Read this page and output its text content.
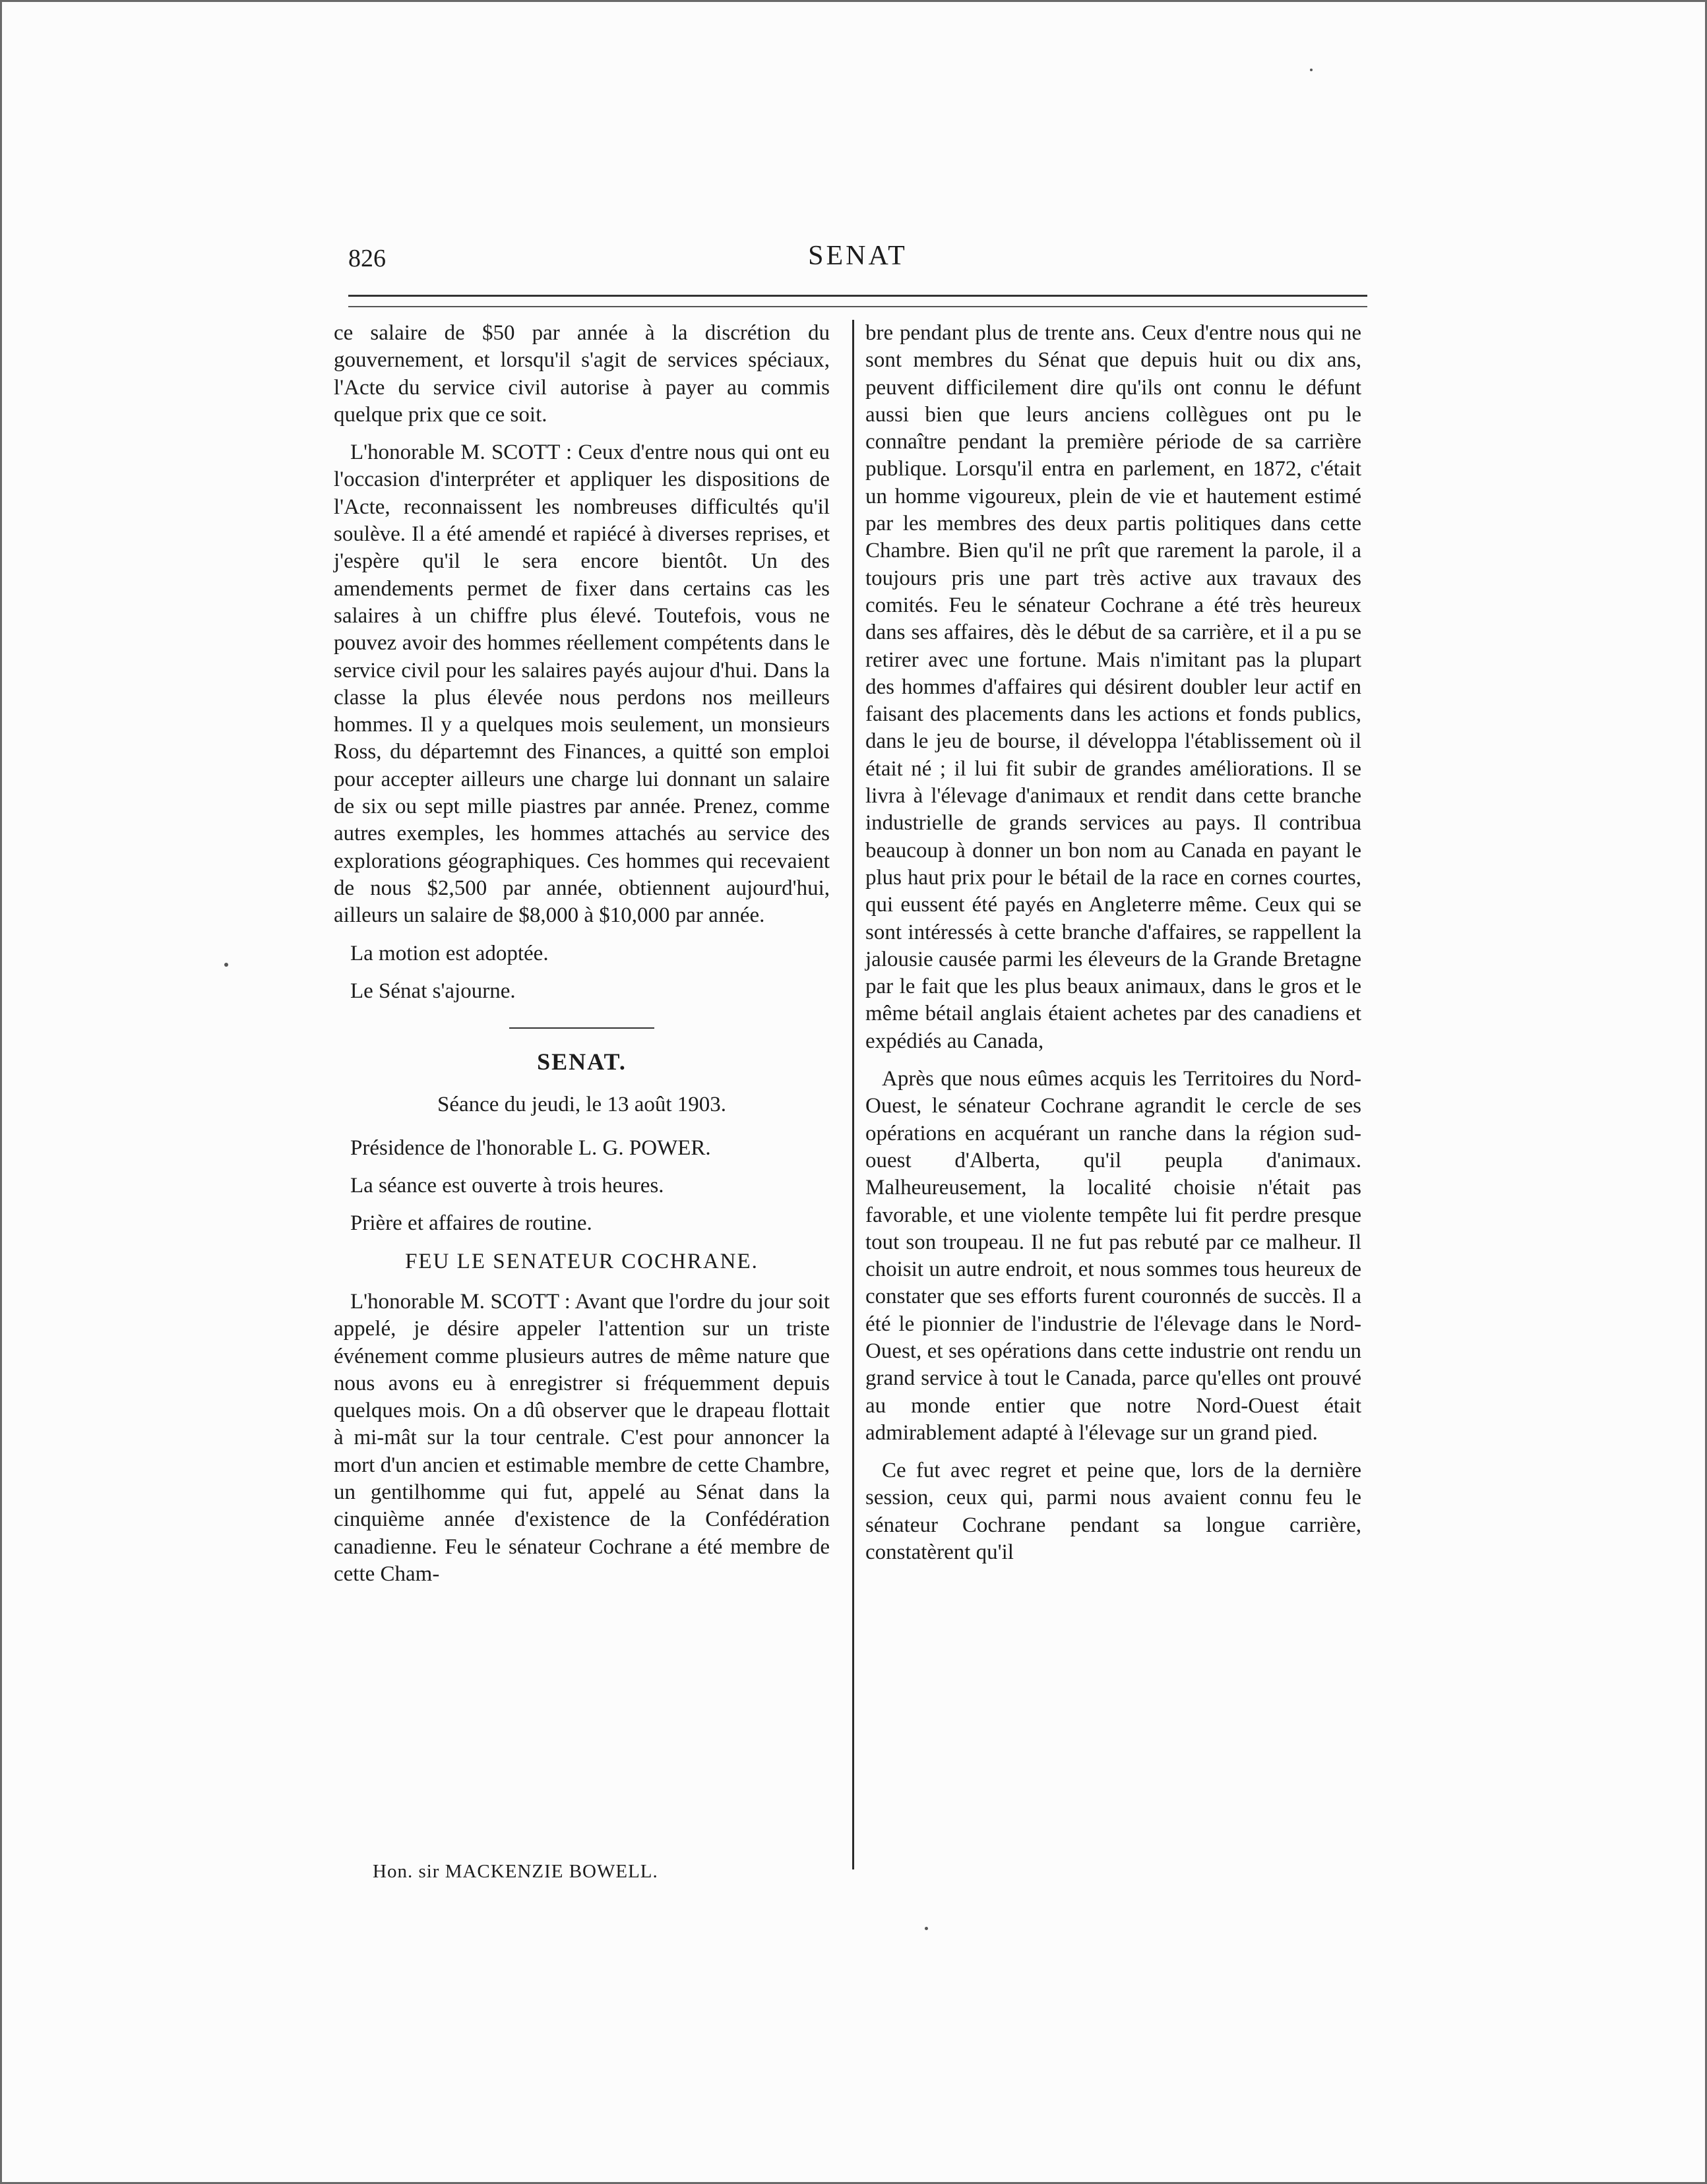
826	SENAT

ce salaire de $50 par année à la discrétion du gouvernement, et lorsqu'il s'agit de services spéciaux, l'Acte du service civil autorise à payer au commis quelque prix que ce soit.

L'honorable M. SCOTT : Ceux d'entre nous qui ont eu l'occasion d'interpréter et appliquer les dispositions de l'Acte, reconnaissent les nombreuses difficultés qu'il soulève. Il a été amendé et rapiécé à diverses reprises, et j'espère qu'il le sera encore bientôt. Un des amendements permet de fixer dans certains cas les salaires à un chiffre plus élevé. Toutefois, vous ne pouvez avoir des hommes réellement compétents dans le service civil pour les salaires payés aujour d'hui. Dans la classe la plus élevée nous perdons nos meilleurs hommes. Il y a quelques mois seulement, un monsieurs Ross, du départemnt des Finances, a quitté son emploi pour accepter ailleurs une charge lui donnant un salaire de six ou sept mille piastres par année. Prenez, comme autres exemples, les hommes attachés au service des explorations géographiques. Ces hommes qui recevaient de nous $2,500 par année, obtiennent aujourd'hui, ailleurs un salaire de $8,000 à $10,000 par année.

La motion est adoptée.

Le Sénat s'ajourne.

SENAT.
Séance du jeudi, le 13 août 1903.

Présidence de l'honorable L. G. POWER.

La séance est ouverte à trois heures.

Prière et affaires de routine.

FEU LE SENATEUR COCHRANE.

L'honorable M. SCOTT : Avant que l'ordre du jour soit appelé, je désire appeler l'attention sur un triste événement comme plusieurs autres de même nature que nous avons eu à enregistrer si fréquemment depuis quelques mois. On a dû observer que le drapeau flottait à mi-mât sur la tour centrale. C'est pour annoncer la mort d'un ancien et estimable membre de cette Chambre, un gentilhomme qui fut, appelé au Sénat dans la cinquième année d'existence de la Confédération canadienne. Feu le sénateur Cochrane a été membre de cette Cham-

bre pendant plus de trente ans. Ceux d'entre nous qui ne sont membres du Sénat que depuis huit ou dix ans, peuvent difficilement dire qu'ils ont connu le défunt aussi bien que leurs anciens collègues ont pu le connaître pendant la première période de sa carrière publique. Lorsqu'il entra en parlement, en 1872, c'était un homme vigoureux, plein de vie et hautement estimé par les membres des deux partis politiques dans cette Chambre. Bien qu'il ne prît que rarement la parole, il a toujours pris une part très active aux travaux des comités. Feu le sénateur Cochrane a été très heureux dans ses affaires, dès le début de sa carrière, et il a pu se retirer avec une fortune. Mais n'imitant pas la plupart des hommes d'affaires qui désirent doubler leur actif en faisant des placements dans les actions et fonds publics, dans le jeu de bourse, il développa l'établissement où il était né ; il lui fit subir de grandes améliorations. Il se livra à l'élevage d'animaux et rendit dans cette branche industrielle de grands services au pays. Il contribua beaucoup à donner un bon nom au Canada en payant le plus haut prix pour le bétail de la race en cornes courtes, qui eussent été payés en Angleterre même. Ceux qui se sont intéressés à cette branche d'affaires, se rappellent la jalousie causée parmi les éleveurs de la Grande Bretagne par le fait que les plus beaux animaux, dans le gros et le même bétail anglais étaient achetes par des canadiens et expédiés au Canada,

Après que nous eûmes acquis les Territoires du Nord-Ouest, le sénateur Cochrane agrandit le cercle de ses opérations en acquérant un ranche dans la région sud-ouest d'Alberta, qu'il peupla d'animaux. Malheureusement, la localité choisie n'était pas favorable, et une violente tempête lui fit perdre presque tout son troupeau. Il ne fut pas rebuté par ce malheur. Il choisit un autre endroit, et nous sommes tous heureux de constater que ses efforts furent couronnés de succès. Il a été le pionnier de l'industrie de l'élevage dans le Nord-Ouest, et ses opérations dans cette industrie ont rendu un grand service à tout le Canada, parce qu'elles ont prouvé au monde entier que notre Nord-Ouest était admirablement adapté à l'élevage sur un grand pied.

Ce fut avec regret et peine que, lors de la dernière session, ceux qui, parmi nous avaient connu feu le sénateur Cochrane pendant sa longue carrière, constatèrent qu'il

Hon. sir MACKENZIE BOWELL.
